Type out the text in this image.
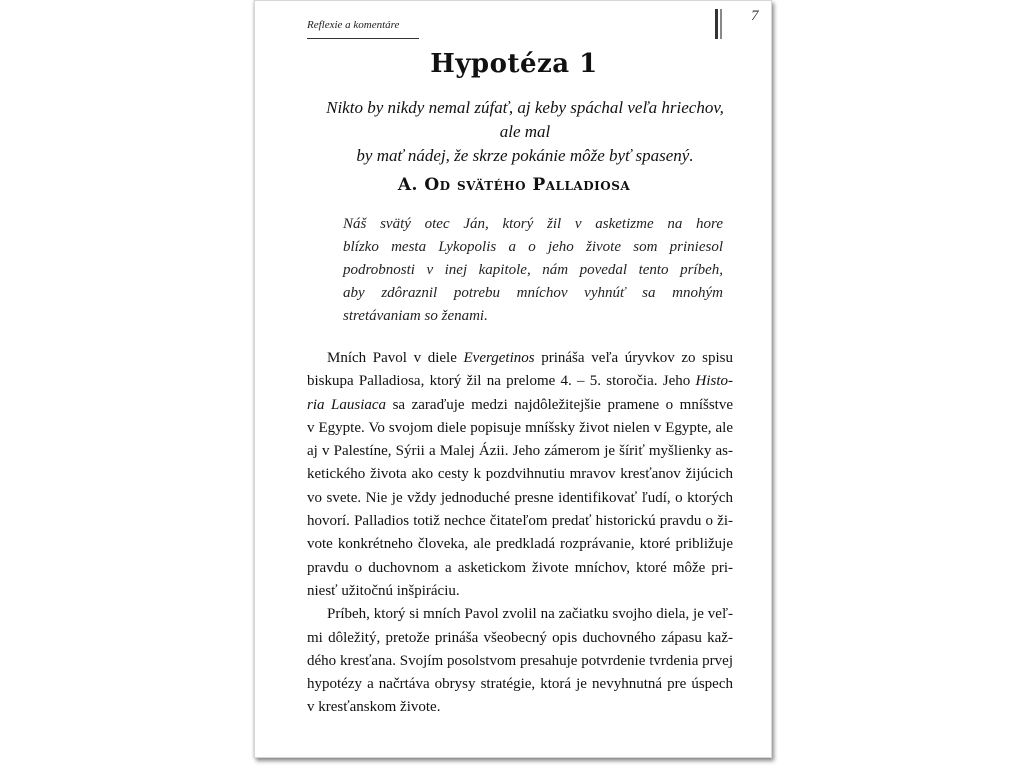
Reflexie a komentáre
7
Hypotéza 1
Nikto by nikdy nemal zúfať, aj keby spáchal veľa hriechov, ale mal
by mať nádej, že skrze pokánie môže byť spasený.
A. Od svätého Palladiosa
Náš svätý otec Ján, ktorý žil v asketizme na hore
blízko mesta Lykopolis a o jeho živote som priniesol
podrobnosti v inej kapitole, nám povedal tento príbeh,
aby zdôraznil potrebu mníchov vyhnúť sa mnohým
stretávaniam so ženami.
Mních Pavol v diele Evergetinos prináša veľa úryvkov zo spisu
biskupa Palladiosa, ktorý žil na prelome 4. – 5. storočia. Jeho Histo-
ria Lausiaca sa zaraďuje medzi najdôležitejšie pramene o mníšstve
v Egypte. Vo svojom diele popisuje mníšsky život nielen v Egypte, ale
aj v Palestíne, Sýrii a Malej Ázii. Jeho zámerom je šíriť myšlienky as-
ketického života ako cesty k pozdvihnutiu mravov kresťanov žijúcich
vo svete. Nie je vždy jednoduché presne identifikovať ľudí, o ktorých
hovorí. Palladios totiž nechce čitateľom predať historickú pravdu o ži-
vote konkrétneho človeka, ale predkladá rozprávanie, ktoré približuje
pravdu o duchovnom a asketickom živote mníchov, ktoré môže pri-
niesť užitočnú inšpiráciu.
Príbeh, ktorý si mních Pavol zvolil na začiatku svojho diela, je veľ-
mi dôležitý, pretože prináša všeobecný opis duchovného zápasu kaž-
dého kresťana. Svojím posolstvom presahuje potvrdenie tvrdenia prvej
hypotézy a načrtáva obrysy stratégie, ktorá je nevyhnutná pre úspech
v kresťanskom živote.
